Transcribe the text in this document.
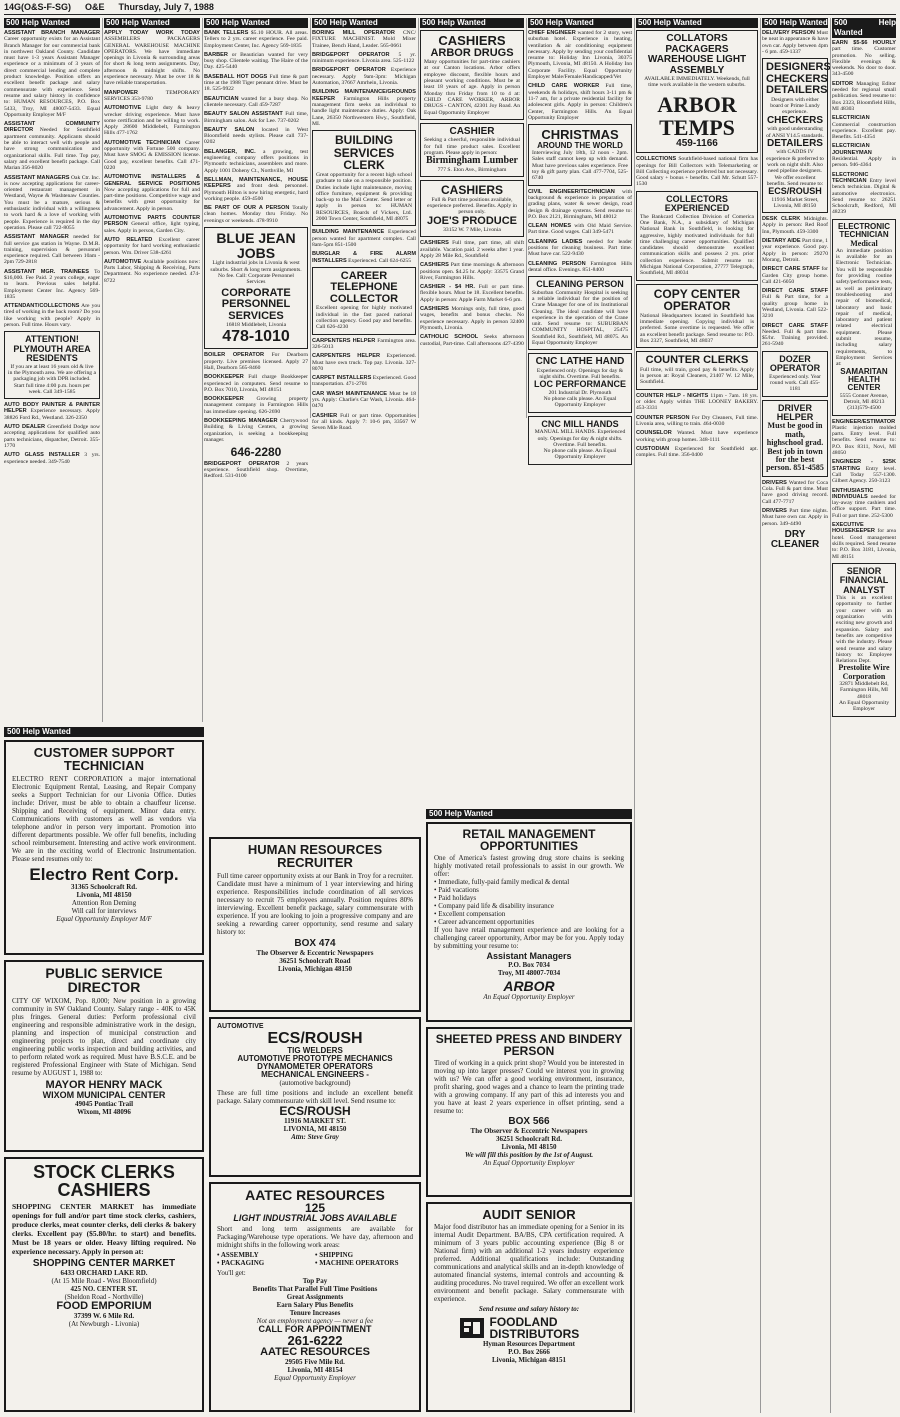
14G(O&S-F-SG) O&E Thursday, July 7, 1988
500 Help Wanted
ASSISTANT BRANCH MANAGER Career opportunity exists for an Assistant Branch Manager for our commercial bank in northwest Oakland County. Candidate must have 1-3 years Assistant Manager experience or a minimum of 3 years of direct commercial lending and complete product knowledge. Position offers an excellent benefit package and salary commensurate with experience. Send resume and salary history in confidence to: HUMAN RESOURCES, P.O. Box 5433, Troy, MI 48007-5433. Equal Opportunity Employer M/F
ASSISTANT COMMUNITY DIRECTOR Needed for Southfield apartment community. Applicants should be able to interact well with people and have strong communication and organizational skills. Full time. Top pay, salary and excellent benefit package. Call Marian 356-8020
ASSISTANT MANAGERS Oak Ctr. Inc. is now accepting applications for career-oriented restaurant management in Westland, Wayne & Washtenaw Counties. You must be a mature, serious & enthusiastic individual with a willingness to work hard & a love of working with people. Experience is required in the day operation. Please call 722-8055
ASSISTANT MANAGER needed for full service gas station in Wayne. D.M.R. training, supervision & personnel experience required. Call between 10am - 2pm 729-2818
ASSISTANT MGR. TRAINEES To $16,000. Fee Paid. 2 years college, eager to learn. Previous sales helpful. Employment Center Inc. Agency 569-1835
ATTENDANT/COLLECTIONS Are you tired of working in the back room? Do you like working with people? Apply in person. Full time. Hours vary.
ATTENTION! PLYMOUTH AREA RESIDENTS
If you are at least 16 years old & live in the Plymouth area. We are offering a packaging job with DPR included. Start full time 4:00 p.m. hours per week. Call 349-1585
AUTO BODY PAINTER & PAINTER HELPER Experience necessary. Apply 38826 Ford Rd., Westland. 326-2350
AUTO DEALER Greenfield Dodge now accepting applications for qualified auto parts technicians, dispatcher, Detroit. 355-1770
AUTO GLASS INSTALLER 3 yrs. experience needed. 349-7540
500 Help Wanted
APPLY TODAY WORK TODAY ASSEMBLERS PACKAGERS GENERAL WAREHOUSE MACHINE OPERATORS. We have immediate openings in Livonia & surrounding areas for short & long term assignments. Day, afternoon & midnight shifts. No experience necessary. Must be over 18 & have reliable transportation.
MANPOWER	TEMPORARY SERVICES 353-9780
AUTOMOTIVE Light duty & heavy wrecker driving experience. Must have some certification and be willing to work. Apply 28600 Middlebelt, Farmington Hills 477-1762
AUTOMOTIVE TECHNICIAN Career opportunity with Fortune 500 company. Must have SMOG & EMISSION license. Good pay, excellent benefits. Call 471-0220
AUTOMOTIVE INSTALLERS & GENERAL SERVICE POSITIONS Now accepting applications for full and part-time positions. Competitive wage and benefits with great opportunity for advancement. Apply in person.
AUTOMOTIVE PARTS COUNTER PERSON General office, light typing, sales. Apply in person, Garden City.
AUTO RELATED Excellent career opportunity for hard working enthusiastic person. Wm. Driver 538-4261
AUTOMOTIVE Available positions now: Parts Labor, Shipping & Receiving, Parts Department. No experience needed. 474-8722
500 Help Wanted
BANK TELLERS $5.10 HOUR. All areas. Tellers to 2 yrs. career experience. Fee paid. Employment Center, Inc. Agency 569-1835
BARBER or Beautician wanted for very busy shop. Clientele waiting. The Haire of the Day. 425-5440
BASEBALL HOT DOGS Full time & part time at the 1988 Tiger pennant drive. Must be 18. 525-9922
BEAUTICIAN wanted for a busy shop. No clientele necessary. Call 459-7287
BEAUTY SALON ASSISTANT Full time, Birmingham salon. Ask for Lee. 737-0202
BEAUTY SALON located in West Bloomfield needs stylists. Please call 737-0202
BELANGER, INC. a growing, test engineering company offers positions in Plymouth: technicians, assemblers and more. Apply 1001 Doheny Ct., Northville, MI
BELLMAN, MAINTENANCE, HOUSE KEEPERS and front desk personnel. Plymouth Hilton is now hiring energetic, hard working people. 459-4500
BE PART OF OUR A PERSON Totally clean homes. Monday thru Friday. No evenings or weekends. 478-9910
BLUE JEAN JOBS
Light industrial jobs in Livonia & west suburbs. Short & long term assignments. No fee. Call: Corporate Personnel Services
CORPORATE PERSONNEL SERVICES
16818 Middlebelt, Livonia
478-1010
BOILER OPERATOR For Dearborn property. Live premises licensed. Apply 27 Hall, Dearborn 565-8460
BOOKKEEPER Full charge Bookkeeper experienced in computers. Send resume to P.O. Box 7010, Livonia, MI 48151
BOOKKEEPER Growing property management company in Farmington Hills has immediate opening. 626-2690
BOOKKEEPING MANAGER Cherrywood Building & Living Centers, a growing organization, is seeking a bookkeeping manager.
646-2280
BRIDGEPORT OPERATOR 2 years experience. Southfield shop. Overtime, Redford. 531-0100
500 Help Wanted
BORING MILL OPERATOR CNC/ FIXTURE MACHINIST. Mold Mixer Trainee, Bench Hand, Leader. 565-0661
BRIDGEPORT OPERATOR 5 yr. minimum experience. Livonia area. 525-1122
BRIDGEPORT OPERATOR Experience necessary. Apply 9am-3pm: Michigan Automation, 37667 Amrhein, Livonia.
BUILDING MAINTENANCE/GROUNDS KEEPER Farmington Hills property management firm seeks an individual to handle light maintenance duties. Apply: Oak Lane, 26350 Northwestern Hwy., Southfield, MI.
BUILDING SERVICES CLERK
Great opportunity for a recent high school graduate to take on a responsible position. Duties include light maintenance, moving office furniture, equipment & providing back-up to the Mail Center. Send letter or apply in person to: HUMAN RESOURCES, Boards of Vickers, Ltd. 2000 Town Center, Southfield, MI 48075
BUILDING MAINTENANCE Experienced person wanted for apartment complex. Call 8am-5pm 851-1500
BURGLAR & FIRE ALARM INSTALLERS Experienced. Call 624-6255
CAREER TELEPHONE COLLECTOR
Excellent opening for highly motivated individual in the fast paced national collection agency. Good pay and benefits. Call 626-4230
CARPENTERS HELPER Farmington area. 326-5013
CARPENTERS HELPER Experienced. Must have own truck. Top pay. Livonia. 327-8070
CARPET INSTALLERS Experienced. Good transportation. 471-2701
CAR WASH MAINTENANCE Must be 18 yrs. Apply: Charlie's Car Wash, Livonia. 464-0470
CASHIER Full or part time. Opportunities for all kinds. Apply 7: 10-6 pm, 33567 W Seven Mile Road.
500 Help Wanted
CASHIERS
ARBOR DRUGS
Many opportunities for part-time cashiers at our Canton locations. Arbor offers employee discount, flexible hours and pleasant working conditions. Must be at least 18 years of age. Apply in person Monday thru Friday from 10 to 4 at: CHILD CARE WORKER, ARBOR DRUGS - CANTON, 42301 Joy Road. An Equal Opportunity Employer
CASHIER
Seeking a cheerful, responsible individual for full time product sales. Excellent program. Please apply in person:
Birmingham Lumber
777 S. Eton Ave., Birmingham
CASHIERS
Full & Part time positions available, experience preferred. Benefits. Apply in person only.
JOE'S PRODUCE
33152 W. 7 Mile, Livonia
CASHIERS Full time, part time, all shift available. Vacation paid. 2 weeks after 1 year. Apply 28 Mile Rd., Southfield
CASHIERS Part time mornings & afternoon positions open. $4.25 hr. Apply: 33575 Grand River, Farmington Hills.
CASHIER - $4 HR. Full or part time. flexible hours. Must be 18. Excellent benefits. Apply in person: Apple Farm Market 6-6 pm.
CASHIERS Mornings only, full time, good wages, benefits and bonus checks. No experience necessary. Apply in person 32400 Plymouth, Livonia.
CATHOLIC SCHOOL Seeks afternoon custodial, Part-time. Call afternoons 427-4390
500 Help Wanted
CHIEF ENGINEER wanted for 2 story, west suburban hotel. Experience in heating, ventilation & air conditioning equipment necessary. Apply by sending your confidential resume to: Holiday Inn Livonia, 30375 Plymouth, Livonia, MI 48150. A Holiday Inn Corporate Facility. Equal Opportunity Employer Male/Female/Handicapped/Vet
CHILD CARE WORKER Full time, weekends & holidays, shift hours 3-11 pm & 11-7 am, for a private residential facility for adolescent girls. Apply in person: Children's Center, Farmington Hills. An Equal Opportunity Employer
CHRISTMAS
AROUND THE WORLD
Interviewing July 18th, 12 noon - 2pm. Sales staff cannot keep up with demand. Must have previous sales experience. Free toy & gift party plan. Call 477-7704, 525-6740
CIVIL ENGINEER/TECHNICIAN with background & experience in preparation of grading plans, water & sewer design, road design & drainage systems. Send resume to: P.O. Box 2121, Birmingham, MI 48012
CLEAN HOMES with Old Maid Service. Part time. Good wages. Call 349-5471
CLEANING LADIES needed for leader positions for cleaning business. Part time. Must have car. 522-9430
CLEANING PERSON Farmington Hills dental office. Evenings. 851-8400
CLEANING PERSON
Suburban Community Hospital is seeking a reliable individual for the position of Crane Manager for one of its Institutional Cleaning. The ideal candidate will have experience in the operation of the Crane unit. Send resume to: SUBURBAN COMMUNITY HOSPITAL, 25475 Southfield Rd., Southfield, MI 48075. An Equal Opportunity Employer
CNC LATHE HAND
Experienced only. Openings for day & night shifts. Overtime. Full benefits.
LOC PERFORMANCE
201 Industrial Dr. Plymouth
No phone calls please. An Equal Opportunity Employer
CNC MILL HANDS
MANUAL MILL HANDS. Experienced only. Openings for day & night shifts. Overtime. Full benefits.
No phone calls please. An Equal Opportunity Employer
500 Help Wanted
COLLATORS PACKAGERS WAREHOUSE LIGHT ASSEMBLY
AVAILABLE IMMEDIATELY. Weekends, full time work available in the western suburbs.
ARBOR TEMPS
459-1166
COLLECTIONS Southfield-based national firm has openings for Bill Collectors with Telemarketing or Bill Collecting experience preferred but not necessary. Good salary + bonus + benefits. Call Mr. Schutt 557-1530
COLLECTORS EXPERIENCED
The Bankcard Collection Division of Comerica One Bank, N.A., a subsidiary of Michigan National Bank in Southfield, is looking for aggressive, highly motivated individuals for full time challenging career opportunities. Qualified candidates should demonstrate excellent communication skills and possess 2 yrs. prior collection experience. Submit resume to: Michigan National Corporation, 27777 Telegraph, Southfield, MI 48034
COPY CENTER OPERATOR
National Headquarters located in Southfield has immediate opening. Copying individual is preferred. Some overtime is requested. We offer an excellent benefit package. Send resume to: P.O. Box 2327, Southfield, MI 48037
COUNTER CLERKS
Full time, will train, good pay & benefits. Apply in person at: Royal Cleaners, 21407 W. 12 Mile, Southfield.
COUNTER HELP - NIGHTS 11pm - 7am. 18 yrs. or older. Apply within THE LOONEY BAKERY. 453-3331
COUNTER PERSON For Dry Cleaners, Full time. Livonia area, willing to train. 464-0030
COUNSELOR Wanted. Must have experience working with group homes. 348-1111
CUSTODIAN Experienced for Southfield apt. complex. Full time. 356-0400
500 Help Wanted
DELIVERY PERSON Must be neat in appearance & have own car. Apply between 4pm - 6 pm. 459-1337
DESIGNERS CHECKERS DETAILERS
Designers with either board or Prime Lundy experience.
CHECKERS
with good understanding of ANSI Y14.5 standards.
DETAILERS
with CADDS IV experience & preferred to work on night shift. Also need pipeline designers. We offer excellent benefits. Send resume to:
ECS/ROUSH
11916 Market Street, Livonia, MI 48150
DESK CLERK Midnights. Apply in person: Red Roof Inn, Plymouth. 459-3300
DIETARY AIDE Part time, 1 year experience. Good pay. Apply in person: 29270 Morang, Detroit.
DIRECT CARE STAFF for Garden City group home. Call 421-6050
DIRECT CARE STAFF Full & Part time, for a quality group home in Westland, Livonia. Call 522-3210
DIRECT CARE STAFF Needed. Full & part time. $5/hr. Training provided. 261-5940
DOZER OPERATOR
Experienced only. Year round work. Call 455-1181
DRIVER HELPER
Must be good in math, highschool grad. Best job in town for the best person. 851-4585
DRIVERS Wanted for Coca Cola. Full & part time. Must have good driving record. Call 477-7717
DRIVERS Part time nights. Must have own car. Apply in person. 349-4490
DRY CLEANER
500 Help Wanted
EARN $5-$6 HOURLY part time. Customer promotion. No selling. Flexible evenings & weekends. No door to door. 343-4500
EDITOR Managing Editor needed for regional small publication. Send resume to: Box 2323, Bloomfield Hills, MI 48303
ELECTRICIAN Commercial construction experience. Excellent pay. Benefits. 541-4354
ELECTRICIAN JOURNEYMAN Residential. Apply in person. 946-4364
ELECTRONIC TECHNICIAN Entry level bench technician. Digital & automotive electronics. Send resume to: 26251 Schoolcraft, Redford, MI 48239
ELECTRONIC TECHNICIAN
Medical
An immediate position is available for an Electronic Technician. You will be responsible for providing routine safety/performance tests, as well as preliminary troubleshooting and repair of biomedical, laboratory and basic repair of medical, laboratory and patient related electrical equipment. Please submit resume, including salary requirements, to Employment Services at:
SAMARITAN HEALTH CENTER
5555 Conner Avenue, Detroit, MI 48213
(313)579-4500
ENGINEER/ESTIMATOR Plastic injection molded parts. Entry level. Full benefits. Send resume to: P.O. Box 8311, Novi, MI 48050
ENGINEER - $25K STARTING Entry level. Call Today 557-1300. Gilbert Agency. 250-3123
ENTHUSIASTIC INDIVIDUALS needed for lay-away time cashiers and office support. Part time. Full or part time. 252-5300
EXECUTIVE HOUSEKEEPER for area hotel. Good management skills required. Send resume to: P.O. Box 3181, Livonia, MI 48151
SENIOR FINANCIAL ANALYST
This is an excellent opportunity to further your career with an organization with exciting new growth and expansion. Salary and benefits are competitive with the industry. Please send resume and salary history to: Employee Relations Dept.
Prestolite Wire Corporation
32871 Middlebelt Rd, Farmington Hills, MI 48018
An Equal Opportunity Employer
500 Help Wanted
CUSTOMER SUPPORT TECHNICIAN
ELECTRO RENT CORPORATION a major international Electronic Equipment Rental, Leasing, and Repair Company seeks a Support Technician for our Livonia Office. Duties include: Driver, must be able to obtain a chauffeur license. Shipping and Receiving of equipment. Minor data entry. Communications with customers as well as vendors via telephone and/or in person very important. Promotion into different departments possible. We offer full benefits, including school reimbursement. Interesting and active work environment. We are in the exciting world of Electronic Instrumentation. Please send resumes only to:
Electro Rent Corp.
31365 Schoolcraft Rd.
Livonia, MI 48150
Attention Ron Deming
Will call for interviews
Equal Opportunity Employer M/F
PUBLIC SERVICE DIRECTOR
CITY OF WIXOM, Pop. 8,000; New position in a growing community in SW Oakland County. Salary range - 40K to 45K plus fringes. General duties: Perform professional civil engineering and responsible administrative work in the design, planning and inspection of municipal construction and engineering projects to plan, direct and coordinate city engineering public works inspection and building activities, and to perform related work as required. Must have B.S.C.E. and be registered Professional Engineer with State of Michigan. Send resume by AUGUST 1, 1988 to:
MAYOR HENRY MACK
WIXOM MUNICIPAL CENTER
49045 Pontiac Trail
Wixom, MI 48096
STOCK CLERKS CASHIERS
SHOPPING CENTER MARKET has immediate openings for full and/or part time stock clerks, cashiers, produce clerks, meat counter clerks, deli clerks & bakery clerks. Excellent pay ($5.80/hr. to start) and benefits. Must be 18 years or older. Heavy lifting required. No experience necessary. Apply in person at:
SHOPPING CENTER MARKET
6433 ORCHARD LAKE RD.
(At 15 Mile Road - West Bloomfield)
425 NO. CENTER ST.
(Sheldon Road - Northville)
FOOD EMPORIUM
37399 W. 6 Mile Rd.
(At Newburgh - Livonia)
HUMAN RESOURCES RECRUITER
Full time career opportunity exists at our Bank in Troy for a recruiter. Candidate must have a minimum of 1 year interviewing and hiring experience. Responsibilities include coordination of all services necessary to recruit 75 employees annually. Position requires 80% interviewing. Excellent benefit package, salary commensurate with experience. If you are looking to join a progressive company and are seeking a rewarding career opportunity, send resume and salary history to:
BOX 474
The Observer & Eccentric Newspapers
36251 Schoolcraft Road
Livonia, Michigan 48150
AUTOMOTIVE
ECS/ROUSH
TIG WELDERS
AUTOMOTIVE PROTOTYPE MECHANICS
DYNAMOMETER OPERATORS
MECHANICAL ENGINEERS -
(automotive background)
These are full time positions and include an excellent benefit package. Salary commensurate with skill level. Send resume to:
ECS/ROUSH
11916 MARKET ST.
LIVONIA, MI 48150
Attn: Steve Gray
AATEC RESOURCES
125
LIGHT INDUSTRIAL JOBS AVAILABLE
Short and long term assignments are available for Packaging/Warehouse type operations. We have day, afternoon and midnight shifts in the following work areas:
• ASSEMBLY	• SHIPPING
• PACKAGING	• MACHINE OPERATORS
You'll get:
Top Pay
Benefits That Parallel Full Time Positions
Great Assignments
Earn Salary Plus Benefits
Tenure Increases
Not an employment agency — never a fee
CALL FOR APPOINTMENT
261-6222
AATEC RESOURCES
29505 Five Mile Rd.
Livonia, MI 48154
Equal Opportunity Employer
500 Help Wanted
RETAIL MANAGEMENT OPPORTUNITIES
One of America's fastest growing drug store chains is seeking highly motivated retail professionals to assist in our growth. We offer:
• Immediate, fully-paid family medical & dental
• Paid vacations
• Paid holidays
• Company paid life & disability insurance
• Excellent compensation
• Career advancement opportunities
If you have retail management experience and are looking for a challenging career opportunity, Arbor may be for you. Apply today by submitting your resume to:
Assistant Managers
P.O. Box 7034
Troy, MI 48007-7034
ARBOR
An Equal Opportunity Employer
SHEETED PRESS AND BINDERY PERSON
Tired of working in a quick print shop? Would you be interested in moving up into larger presses? Could we interest you in growing with us? We can offer a good working environment, insurance, profit sharing, good wages and a chance to learn the printing trade with a growing company. If any part of this ad interests you and you have at least 2 years experience in offset printing, send a resume to:
BOX 566
The Observer & Eccentric Newspapers
36251 Schoolcraft Rd.
Livonia, MI 48150
We will fill this position by the 1st of August.
An Equal Opportunity Employer
AUDIT SENIOR
Major food distributor has an immediate opening for a Senior in its internal Audit Department. BA/BS, CPA certification required. A minimum of 3 years public accounting experience (Big 8 or National firm) with an additional 1-2 years industry experience preferred. Additional qualifications include: Outstanding communications and analytical skills and an in-depth knowledge of automated financial systems, internal controls and accounting & auditing procedures. No travel required. We offer an excellent work environment and benefit package. Salary commensurate with experience.
Send resume and salary history to:
FOODLAND DISTRIBUTORS
Hyman Resources Department
P.O. Box 2666
Livonia, Michigan 48151
